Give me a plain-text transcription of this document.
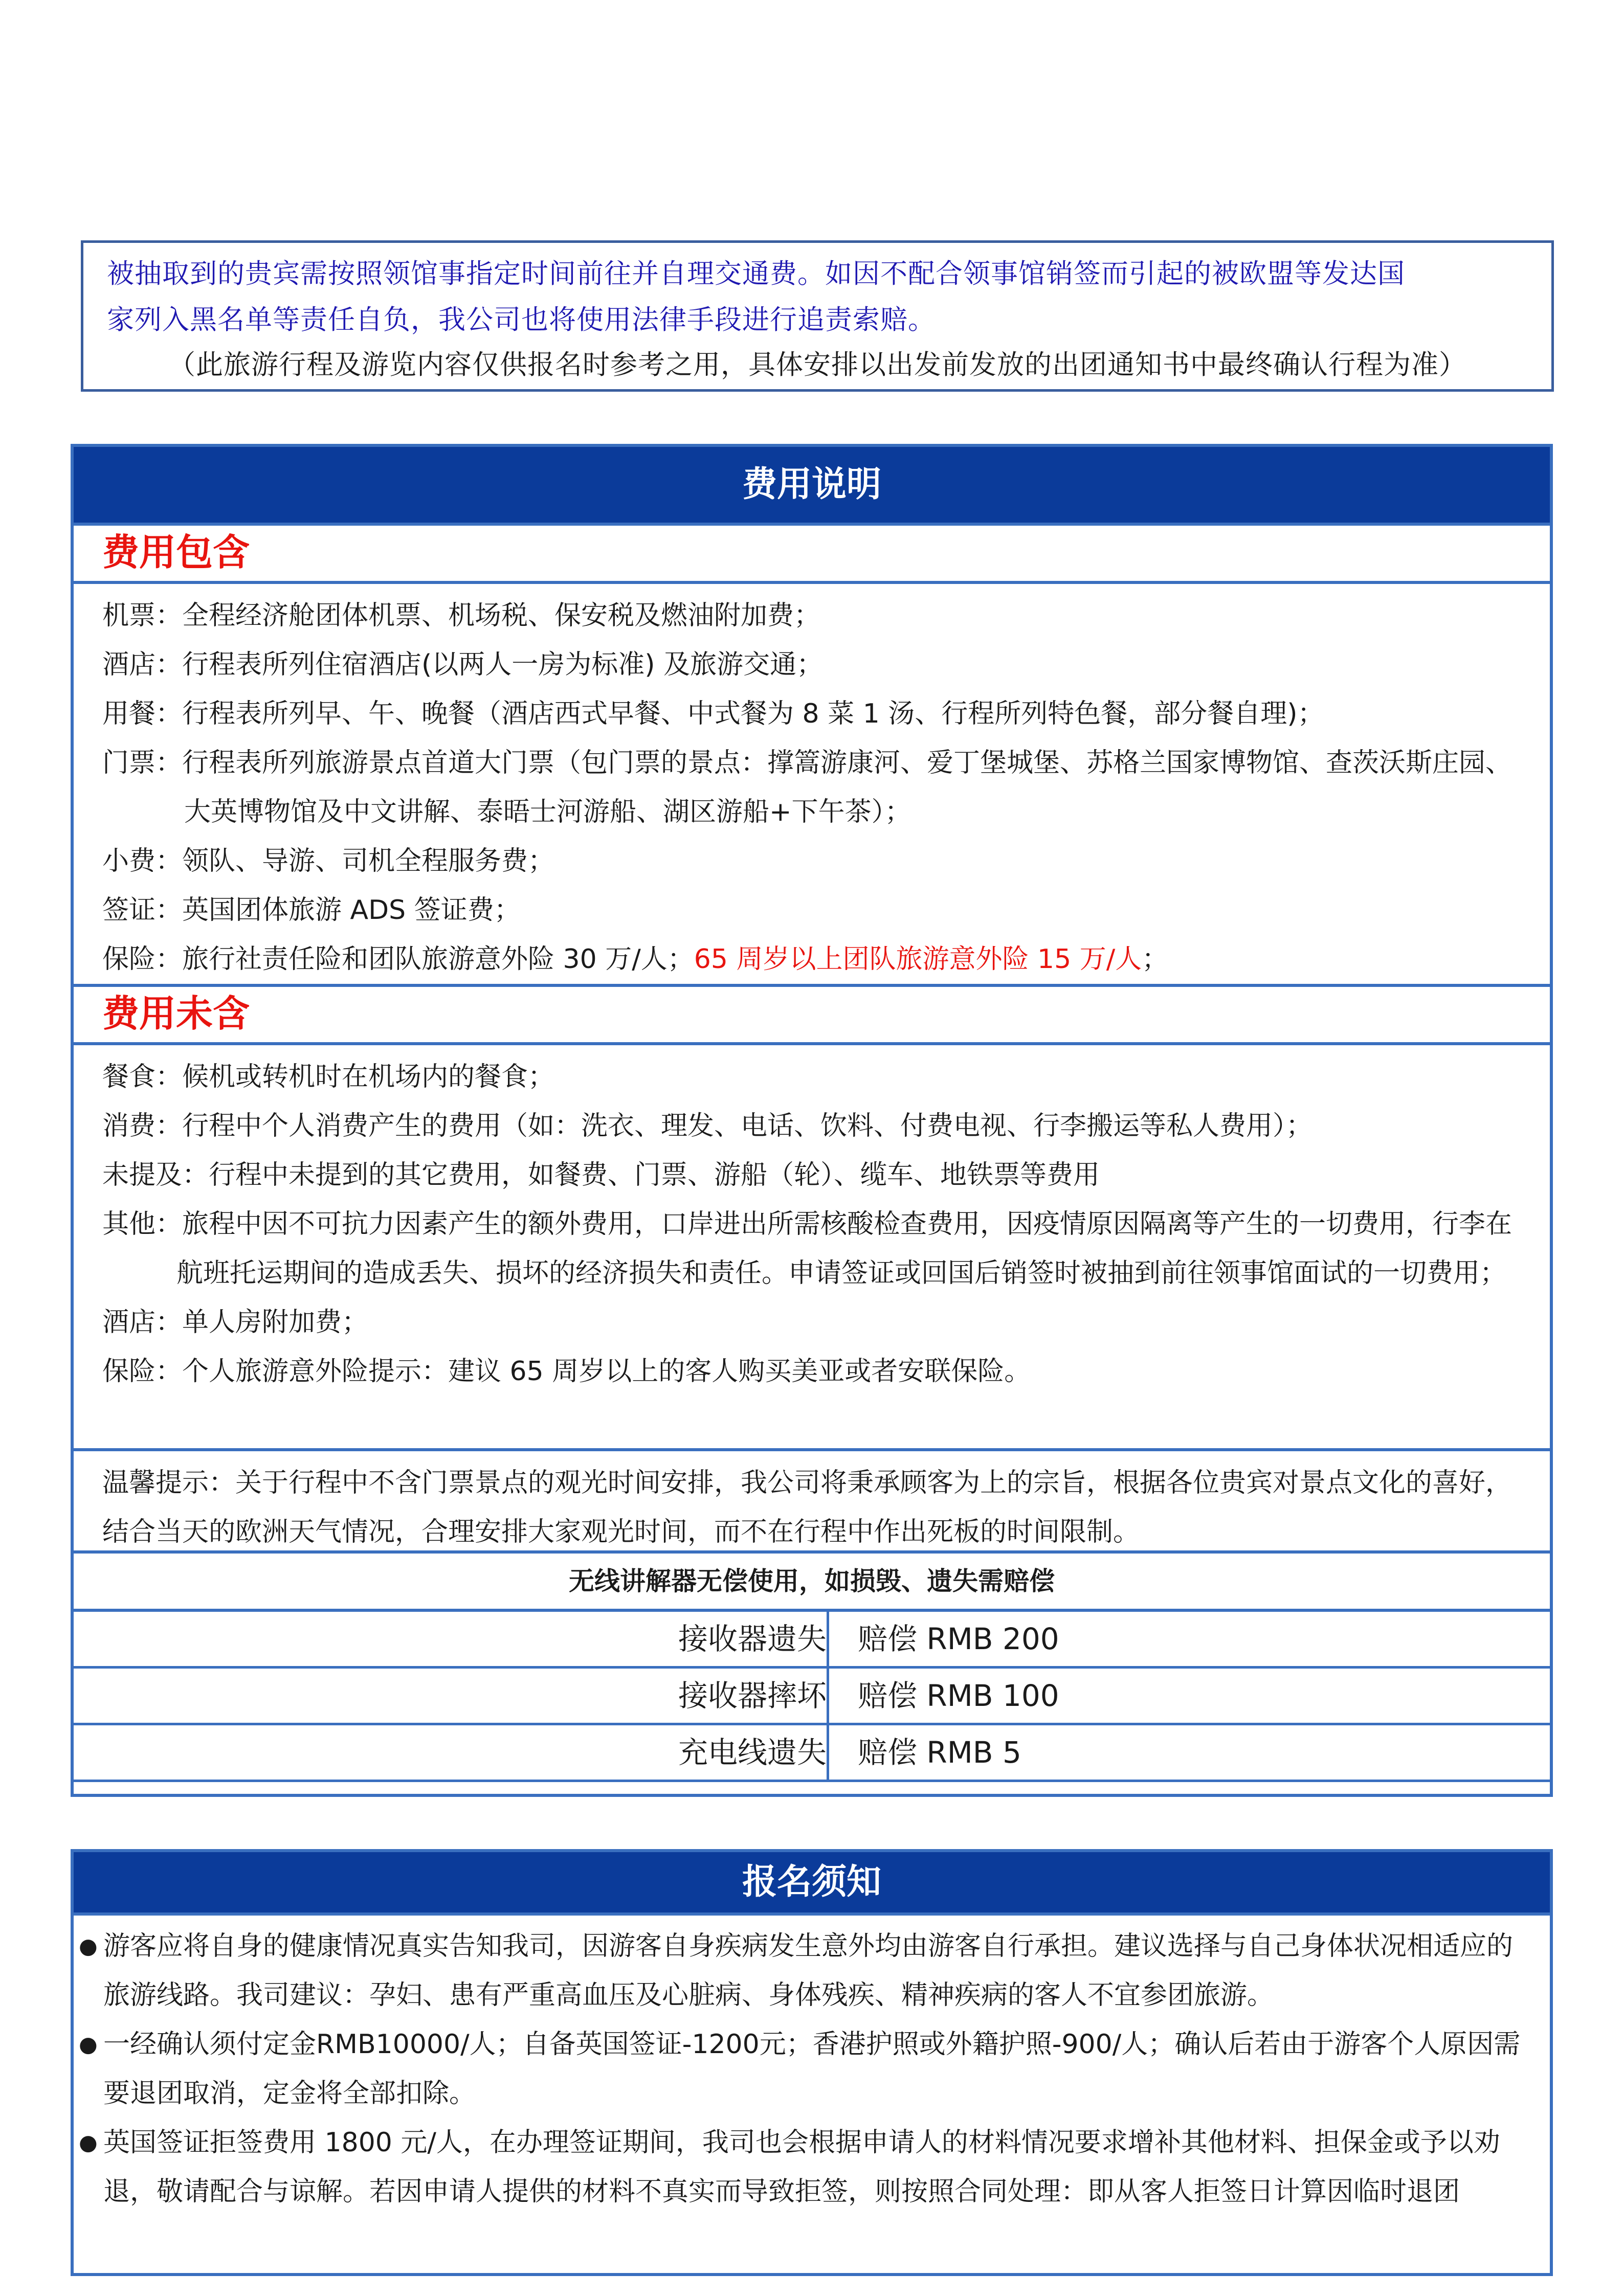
被抽取到的贵宾需按照领馆事指定时间前往并自理交通费。如因不配合领事馆销签而引起的被欧盟等发达国
家列入黑名单等责任自负，我公司也将使用法律手段进行追责索赔。
（此旅游行程及游览内容仅供报名时参考之用，具体安排以出发前发放的出团通知书中最终确认行程为准）
费用说明
费用包含
机票：全程经济舱团体机票、机场税、保安税及燃油附加费；
酒店：行程表所列住宿酒店(以两人一房为标准) 及旅游交通；
用餐：行程表所列早、午、晚餐（酒店西式早餐、中式餐为 8 菜 1 汤、行程所列特色餐，部分餐自理)；
门票：行程表所列旅游景点首道大门票（包门票的景点：撑篙游康河、爱丁堡城堡、苏格兰国家博物馆、查茨沃斯庄园、大英博物馆及中文讲解、泰晤士河游船、湖区游船+下午茶）；
小费：领队、导游、司机全程服务费；
签证：英国团体旅游 ADS 签证费；
保险：旅行社责任险和团队旅游意外险 30 万/人；65 周岁以上团队旅游意外险 15 万/人；
费用未含
餐食：候机或转机时在机场内的餐食；
消费：行程中个人消费产生的费用（如：洗衣、理发、电话、饮料、付费电视、行李搬运等私人费用）；
未提及：行程中未提到的其它费用，如餐费、门票、游船（轮）、缆车、地铁票等费用
其他：旅程中因不可抗力因素产生的额外费用，口岸进出所需核酸检查费用，因疫情原因隔离等产生的一切费用，行李在航班托运期间的造成丢失、损坏的经济损失和责任。申请签证或回国后销签时被抽到前往领事馆面试的一切费用；
酒店：单人房附加费；
保险：个人旅游意外险提示：建议 65 周岁以上的客人购买美亚或者安联保险。
温馨提示：关于行程中不含门票景点的观光时间安排，我公司将秉承顾客为上的宗旨，根据各位贵宾对景点文化的喜好，结合当天的欧洲天气情况，合理安排大家观光时间，而不在行程中作出死板的时间限制。
无线讲解器无偿使用，如损毁、遗失需赔偿
接收器遗失	赔偿 RMB 200
接收器摔坏	赔偿 RMB 100
充电线遗失	赔偿 RMB 5
报名须知
● 游客应将自身的健康情况真实告知我司，因游客自身疾病发生意外均由游客自行承担。建议选择与自己身体状况相适应的旅游线路。我司建议：孕妇、患有严重高血压及心脏病、身体残疾、精神疾病的客人不宜参团旅游。
● 一经确认须付定金RMB10000/人；自备英国签证-1200元；香港护照或外籍护照-900/人；确认后若由于游客个人原因需要退团取消，定金将全部扣除。
● 英国签证拒签费用 1800 元/人，在办理签证期间，我司也会根据申请人的材料情况要求增补其他材料、担保金或予以劝退，敬请配合与谅解。若因申请人提供的材料不真实而导致拒签，则按照合同处理：即从客人拒签日计算因临时退团
